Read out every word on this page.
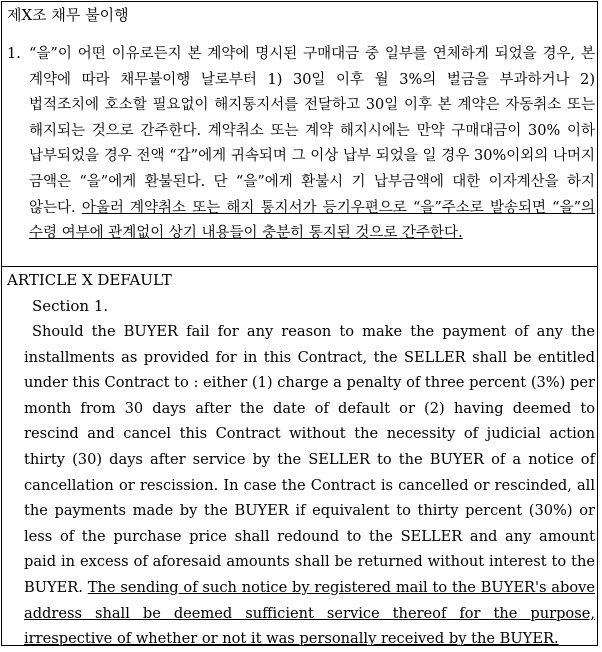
제X조 채무 불이행
1. “을”이 어떤 이유로든지 본 계약에 명시된 구매대금 중 일부를 연체하게 되었을 경우, 본 계약에 따라 채무불이행 날로부터 1) 30일 이후 월 3%의 벌금을 부과하거나 2) 법적조치에 호소할 필요없이 해지통지서를 전달하고 30일 이후 본 계약은 자동취소 또는 해지되는 것으로 간주한다. 계약취소 또는 계약 해지시에는 만약 구매대금이 30% 이하 납부되었을 경우 전액 “갑”에게 귀속되며 그 이상 납부 되었을 일 경우 30%이외의 나머지 금액은 “을”에게 환불된다. 단 “을”에게 환불시 기 납부금액에 대한 이자계산을 하지 않는다. 아울러 계약취소 또는 해지 통지서가 등기우편으로 “을”주소로 발송되면 “을”의 수령 여부에 관계없이 상기 내용들이 충분히 통지된 것으로 간주한다.
ARTICLE X DEFAULT
Section 1.
Should the BUYER fail for any reason to make the payment of any the installments as provided for in this Contract, the SELLER shall be entitled under this Contract to : either (1) charge a penalty of three percent (3%) per month from 30 days after the date of default or (2) having deemed to rescind and cancel this Contract without the necessity of judicial action thirty (30) days after service by the SELLER to the BUYER of a notice of cancellation or rescission. In case the Contract is cancelled or rescinded, all the payments made by the BUYER if equivalent to thirty percent (30%) or less of the purchase price shall redound to the SELLER and any amount paid in excess of aforesaid amounts shall be returned without interest to the BUYER. The sending of such notice by registered mail to the BUYER's above address shall be deemed sufficient service thereof for the purpose, irrespective of whether or not it was personally received by the BUYER.
